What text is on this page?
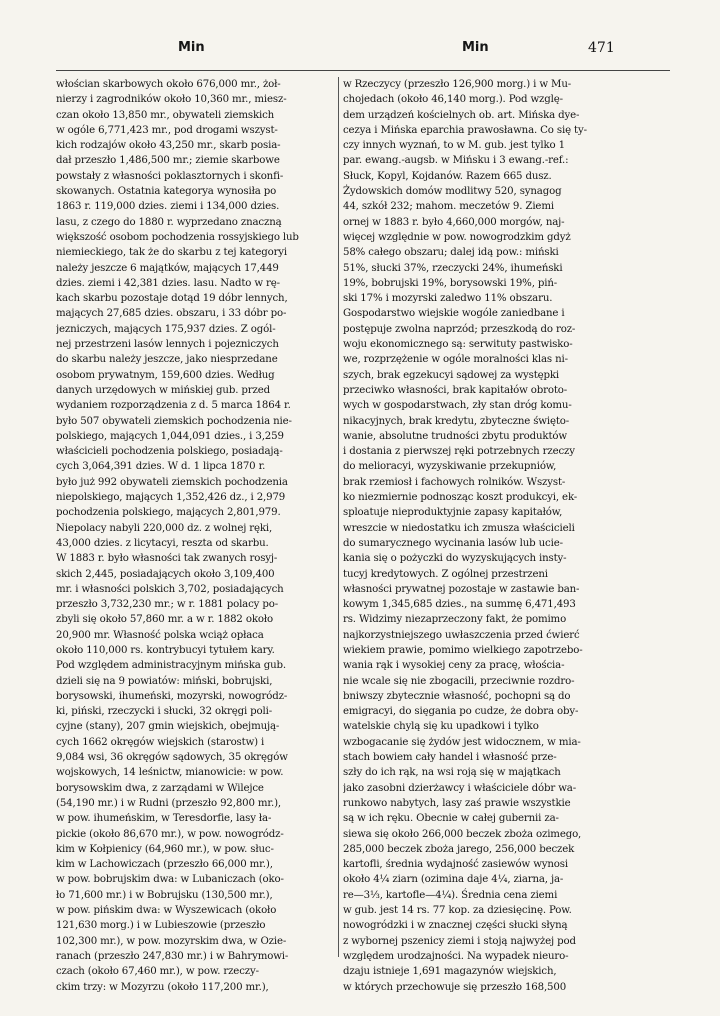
Min	Min	471
włościan skarbowych około 676,000 mr., żoł-
nierzy i zagrodników około 10,360 mr., miesz-
czan około 13,850 mr., obywateli ziemskich
w ogóle 6,771,423 mr., pod drogami wszyst-
kich rodzajów około 43,250 mr., skarb posia-
dał przeszło 1,486,500 mr.; ziemie skarbowe
powstały z własności poklasztornych i skonfi-
skowanych. Ostatnia kategorya wynosiła po
1863 r. 119,000 dzies. ziemi i 134,000 dzies.
lasu, z czego do 1880 r. wyprzedano znaczną
większość osobom pochodzenia rossyjskiego lub
niemieckiego, tak że do skarbu z tej kategoryi
należy jeszcze 6 majątków, mających 17,449
dzies. ziemi i 42,381 dzies. lasu. Nadto w rę-
kach skarbu pozostaje dotąd 19 dóbr lennych,
mających 27,685 dzies. obszaru, i 33 dóbr po-
jezniczych, mających 175,937 dzies. Z ogól-
nej przestrzeni lasów lennych i pojezniczych
do skarbu należy jeszcze, jako niesprzedane
osobom prywatnym, 159,600 dzies. Według
danych urzędowych w mińskiej gub. przed
wydaniem rozporządzenia z d. 5 marca 1864 r.
było 507 obywateli ziemskich pochodzenia nie-
polskiego, mających 1,044,091 dzies., i 3,259
właścicieli pochodzenia polskiego, posiadają-
cych 3,064,391 dzies. W d. 1 lipca 1870 r.
było już 992 obywateli ziemskich pochodzenia
niepolskiego, mających 1,352,426 dz., i 2,979
pochodzenia polskiego, mających 2,801,979.
Niepolacy nabyli 220,000 dz. z wolnej ręki,
43,000 dzies. z licytacyi, reszta od skarbu.
W 1883 r. było własności tak zwanych rosyj-
skich 2,445, posiadających około 3,109,400
mr. i własności polskich 3,702, posiadających
przeszło 3,732,230 mr.; w r. 1881 polacy po-
zbyli się około 57,860 mr. a w r. 1882 około
20,900 mr. Własność polska wciąż opłaca
około 110,000 rs. kontrybucyi tytułem kary.
Pod względem administracyjnym mińska gub.
dzieli się na 9 powiatów: miński, bobrujski,
borysowski, ihumeński, mozyrski, nowogródz-
ki, piński, rzeczycki i słucki, 32 okręgi poli-
cyjne (stany), 207 gmin wiejskich, obejmują-
cych 1662 okręgów wiejskich (starostw) i
9,084 wsi, 36 okręgów sądowych, 35 okręgów
wojskowych, 14 leśnictw, mianowicie: w pow.
borysowskim dwa, z zarządami w Wilejce
(54,190 mr.) i w Rudni (przeszło 92,800 mr.),
w pow. ihumeńskim, w Teresdorfie, lasy ła-
pickie (około 86,670 mr.), w pow. nowogródz-
kim w Kołpienicy (64,960 mr.), w pow. słuc-
kim w Lachowiczach (przeszło 66,000 mr.),
w pow. bobrujskim dwa: w Lubaniczach (oko-
ło 71,600 mr.) i w Bobrujsku (130,500 mr.),
w pow. pińskim dwa: w Wyszewicach (około
121,630 morg.) i w Lubieszowie (przeszło
102,300 mr.), w pow. mozyrskim dwa, w Ozie-
ranach (przeszło 247,830 mr.) i w Bahrymowi-
czach (około 67,460 mr.), w pow. rzeczy-
ckim trzy: w Mozyrzu (około 117,200 mr.),
w Rzeczycy (przeszło 126,900 morg.) i w Mu-
chojedach (około 46,140 morg.). Pod wzglę-
dem urządzeń kościelnych ob. art. Mińska dye-
cezya i Mińska eparchia prawosławna. Co się ty-
czy innych wyznań, to w M. gub. jest tylko 1
par. ewang.-augsb. w Mińsku i 3 ewang.-ref.:
Słuck, Kopyl, Kojdanów. Razem 665 dusz.
Żydowskich domów modlitwy 520, synagog
44, szkół 232; mahom. meczetów 9. Ziemi
ornej w 1883 r. było 4,660,000 morgów, naj-
więcej względnie w pow. nowogrodzkim gdyż
58% całego obszaru; dalej idą pow.: miński
51%, słucki 37%, rzeczycki 24%, ihumeński
19%, bobrujski 19%, borysowski 19%, piń-
ski 17% i mozyrski zaledwo 11% obszaru.
Gospodarstwo wiejskie wogóle zaniedbane i
postępuje zwolna naprzód; przeszkodą do roz-
woju ekonomicznego są: serwituty pastwisko-
we, rozprzężenie w ogóle moralności klas ni-
szych, brak egzekucyi sądowej za występki
przeciwko własności, brak kapitałów obroto-
wych w gospodarstwach, zły stan dróg komu-
nikacyjnych, brak kredytu, zbyteczne święto-
wanie, absolutne trudności zbytu produktów
i dostania z pierwszej ręki potrzebnych rzeczy
do melioracyi, wyzyskiwanie przekupniów,
brak rzemiosł i fachowych rolników. Wszyst-
ko niezmiernie podnosząc koszt produkcyi, ek-
sploatuje nieproduktyjnie zapasy kapitałów,
wreszcie w niedostatku ich zmusza właścicieli
do sumarycznego wycinania lasów lub ucie-
kania się o pożyczki do wyzyskujących insty-
tucyj kredytowych. Z ogólnej przestrzeni
własności prywatnej pozostaje w zastawie ban-
kowym 1,345,685 dzies., na summę 6,471,493
rs. Widzimy niezaprzeczony fakt, że pomimo
najkorzystniejszego uwłaszczenia przed ćwierć
wiekiem prawie, pomimo wielkiego zapotrzebo-
wania rąk i wysokiej ceny za pracę, włościa-
nie wcale się nie zbogacili, przeciwnie rozdro-
bniwszy zbytecznie własność, pochopni są do
emigracyi, do sięgania po cudze, że dobra oby-
watelskie chylą się ku upadkowi i tylko
wzbogacanie się żydów jest widocznem, w mia-
stach bowiem cały handel i własność prze-
szły do ich rąk, na wsi roją się w majątkach
jako zasobni dzierżawcy i właściciele dóbr wa-
runkowo nabytych, lasy zaś prawie wszystkie
są w ich ręku. Obecnie w całej gubernii za-
siewa się około 266,000 beczek zboża ozimego,
285,000 beczek zboża jarego, 256,000 beczek
kartofli, średnia wydajność zasiewów wynosi
około 4¼ ziarn (ozimina daje 4¼, ziarna, ja-
re—3⅓, kartofle—4¼). Średnia cena ziemi
w gub. jest 14 rs. 77 kop. za dziesięcinę. Pow.
nowogródzki i w znacznej części słucki słyną
z wybornej pszenicy ziemi i stoją najwyżej pod
względem urodzajności. Na wypadek nieuro-
dzaju istnieje 1,691 magazynów wiejskich,
w których przechowuje się przeszło 168,500
